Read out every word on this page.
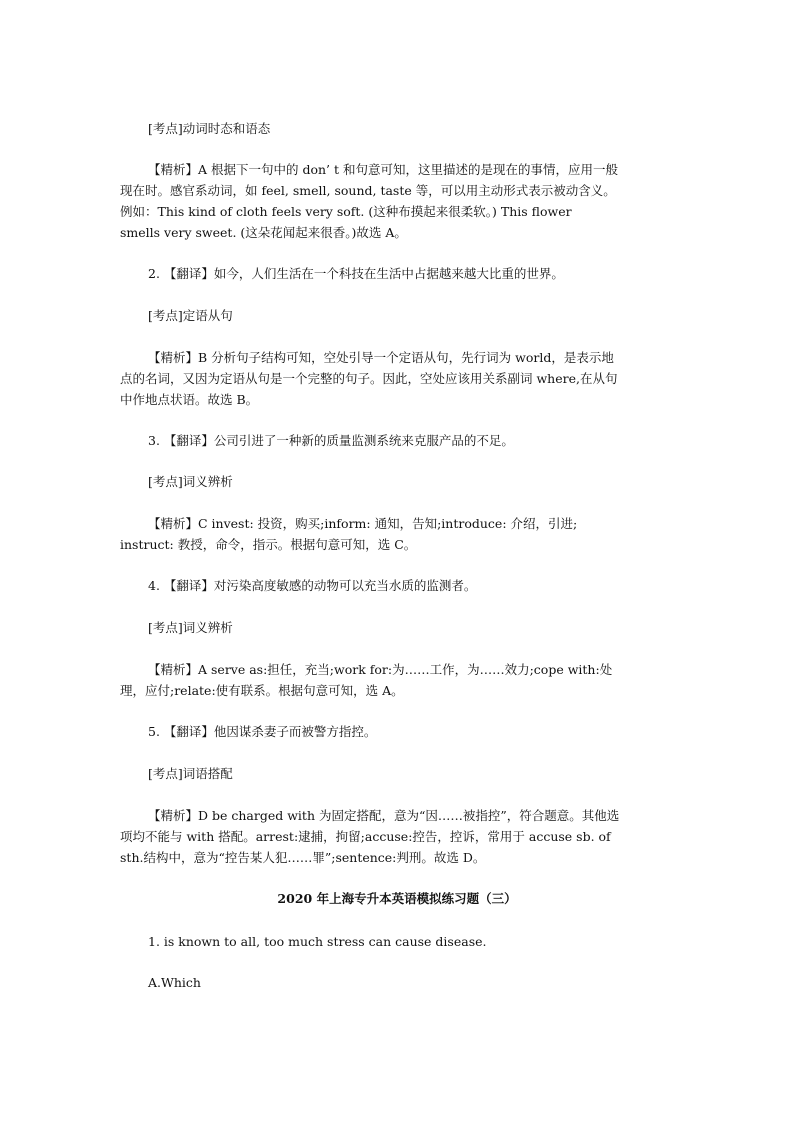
[考点]动词时态和语态
【精析】A 根据下一句中的 don’ t 和句意可知，这里描述的是现在的事情，应用一般
现在时。感官系动词，如 feel, smell, sound, taste 等，可以用主动形式表示被动含义。
例如：This kind of cloth feels very soft. (这种布摸起来很柔软。) This flower
smells very sweet. (这朵花闻起来很香。)故选 A。
2. 【翻译】如今，人们生活在一个科技在生活中占据越来越大比重的世界。
[考点]定语从句
【精析】B 分析句子结构可知，空处引导一个定语从句，先行词为 world，是表示地
点的名词，又因为定语从句是一个完整的句子。因此，空处应该用关系副词 where,在从句
中作地点状语。故选 B。
3. 【翻译】公司引进了一种新的质量监测系统来克服产品的不足。
[考点]词义辨析
【精析】C invest: 投资，购买;inform: 通知，告知;introduce: 介绍，引进;
instruct: 教授，命令，指示。根据句意可知，选 C。
4. 【翻译】对污染高度敏感的动物可以充当水质的监测者。
[考点]词义辨析
【精析】A serve as:担任，充当;work for:为……工作，为……效力;cope with:处
理，应付;relate:使有联系。根据句意可知，选 A。
5. 【翻译】他因谋杀妻子而被警方指控。
[考点]词语搭配
【精析】D be charged with 为固定搭配，意为“因……被指控”，符合题意。其他选
项均不能与 with 搭配。arrest:逮捕，拘留;accuse:控告，控诉，常用于 accuse sb. of
sth.结构中，意为“控告某人犯……罪”;sentence:判刑。故选 D。
2020 年上海专升本英语模拟练习题（三）
1. is known to all, too much stress can cause disease.
A.Which
